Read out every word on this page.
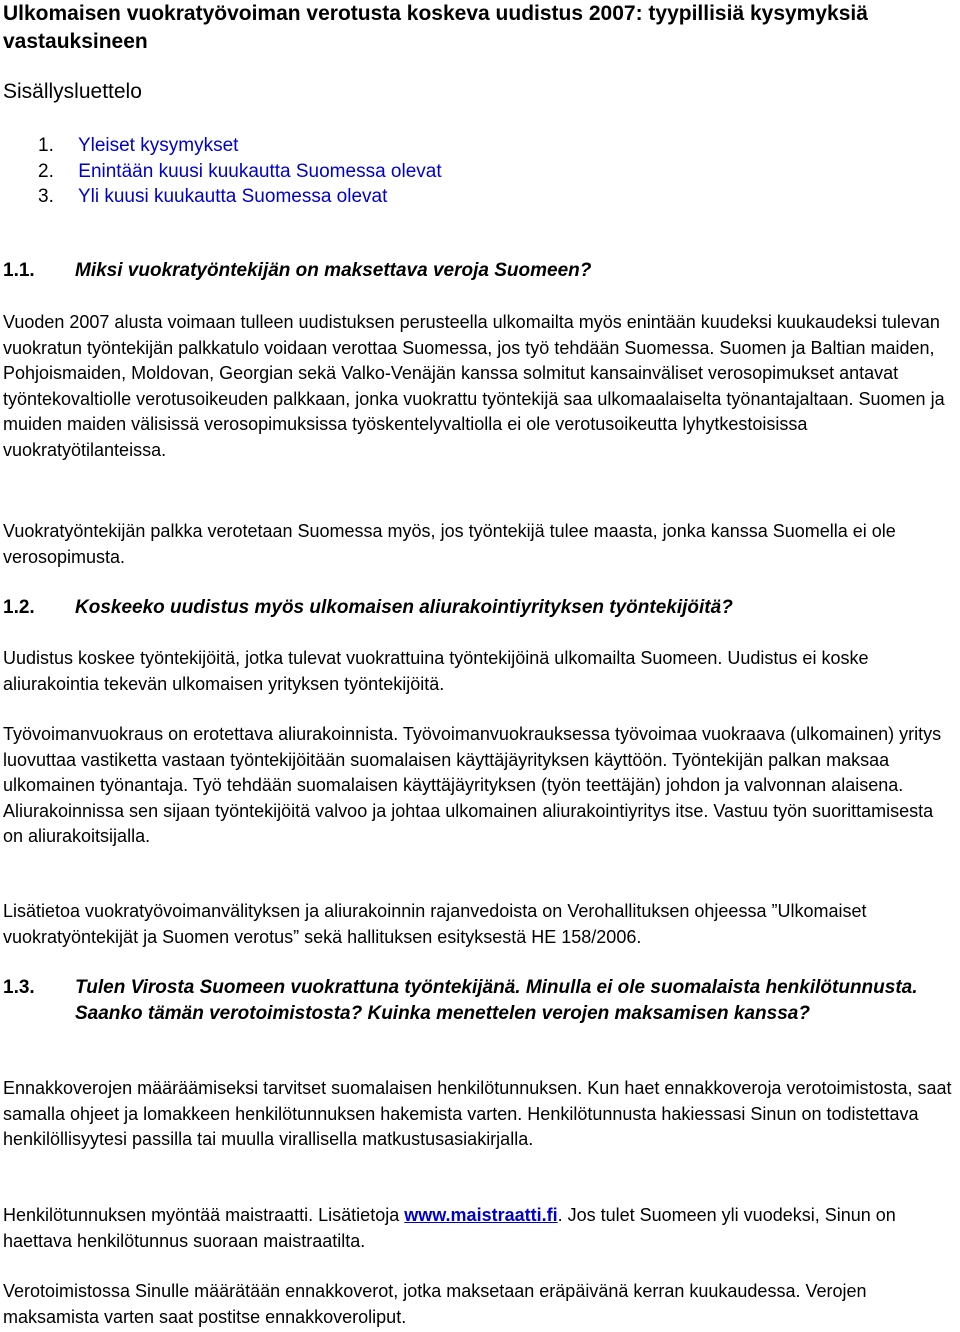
Ulkomaisen vuokratyövoiman verotusta koskeva uudistus 2007: tyypillisiä kysymyksiä vastauksineen
Sisällysluettelo
1. Yleiset kysymykset
2. Enintään kuusi kuukautta Suomessa olevat
3. Yli kuusi kuukautta Suomessa olevat
1.1. Miksi vuokratyöntekijän on maksettava veroja Suomeen?

Vuoden 2007 alusta voimaan tulleen uudistuksen perusteella ulkomailta myös enintään kuudeksi kuukaudeksi tulevan vuokratun työntekijän palkkatulo voidaan verottaa Suomessa, jos työ tehdään Suomessa. Suomen ja Baltian maiden, Pohjoismaiden, Moldovan, Georgian sekä Valko-Venäjän kanssa solmitut kansainväliset verosopimukset antavat työntekovaltiolle verotusoikeuden palkkaan, jonka vuokrattu työntekijä saa ulkomaalaiselta työnantajaltaan. Suomen ja muiden maiden välisissä verosopimuksissa työskentelyvaltiolla ei ole verotusoikeutta lyhytkestoisissa vuokratyötilanteissa.

Vuokratyöntekijän palkka verotetaan Suomessa myös, jos työntekijä tulee maasta, jonka kanssa Suomella ei ole verosopimusta.

1.2. Koskeeko uudistus myös ulkomaisen aliurakointiyrityksen työntekijöitä?

Uudistus koskee työntekijöitä, jotka tulevat vuokrattuina työntekijöinä ulkomailta Suomeen. Uudistus ei koske aliurakointia tekevän ulkomaisen yrityksen työntekijöitä.

Työvoimanvuokraus on erotettava aliurakoinnista. Työvoimanvuokrauksessa työvoimaa vuokraava (ulkomainen) yritys luovuttaa vastiketta vastaan työntekijöitään suomalaisen käyttäjäyrityksen käyttöön. Työntekijän palkan maksaa ulkomainen työnantaja. Työ tehdään suomalaisen käyttäjäyrityksen (työn teettäjän) johdon ja valvonnan alaisena. Aliurakoinnissa sen sijaan työntekijöitä valvoo ja johtaa ulkomainen aliurakointiyritys itse. Vastuu työn suorittamisesta on aliurakoitsijalla.

Lisätietoa vuokratyövoimanvälityksen ja aliurakoinnin rajanvedoista on Verohallituksen ohjeessa ”Ulkomaiset vuokratyöntekijät ja Suomen verotus” sekä hallituksen esityksestä HE 158/2006.

1.3. Tulen Virosta Suomeen vuokrattuna työntekijänä. Minulla ei ole suomalaista henkilötunnusta. Saanko tämän verotoimistosta? Kuinka menettelen verojen maksamisen kanssa?

Ennakkoverojen määräämiseksi tarvitset suomalaisen henkilötunnuksen. Kun haet ennakkoveroja verotoimistosta, saat samalla ohjeet ja lomakkeen henkilötunnuksen hakemista varten. Henkilötunnusta hakiessasi Sinun on todistettava henkilöllisyytesi passilla tai muulla virallisella matkustusasiakirjalla.

Henkilötunnuksen myöntää maistraatti. Lisätietoja www.maistraatti.fi. Jos tulet Suomeen yli vuodeksi, Sinun on haettava henkilötunnus suoraan maistraatilta.

Verotoimistossa Sinulle määrätään ennakkoverot, jotka maksetaan eräpäivänä kerran kuukaudessa. Verojen maksamista varten saat postitse ennakkoveroliput.
